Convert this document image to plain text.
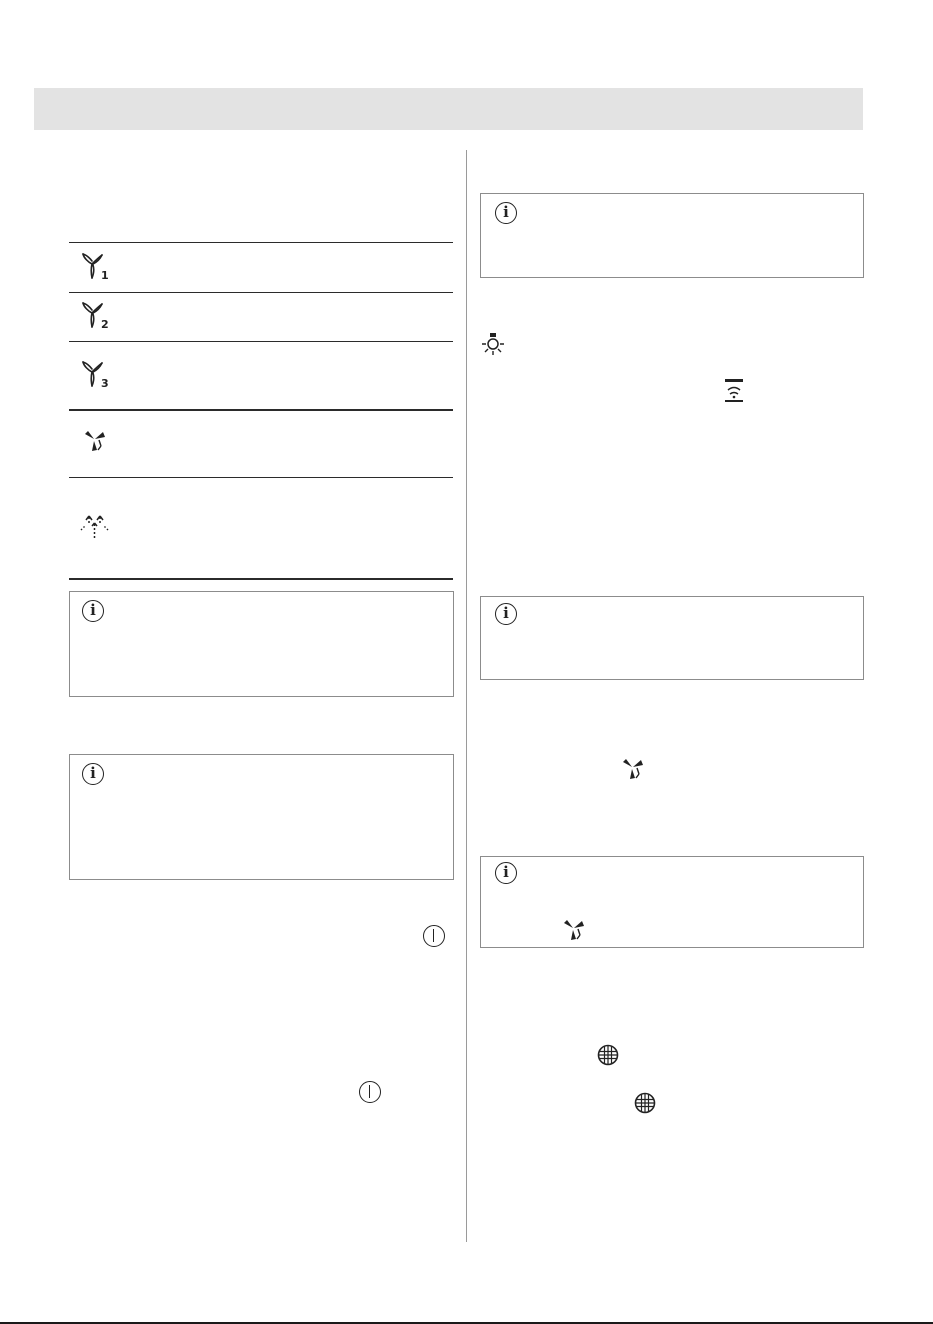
1
2
3
i
i
i
i
i
